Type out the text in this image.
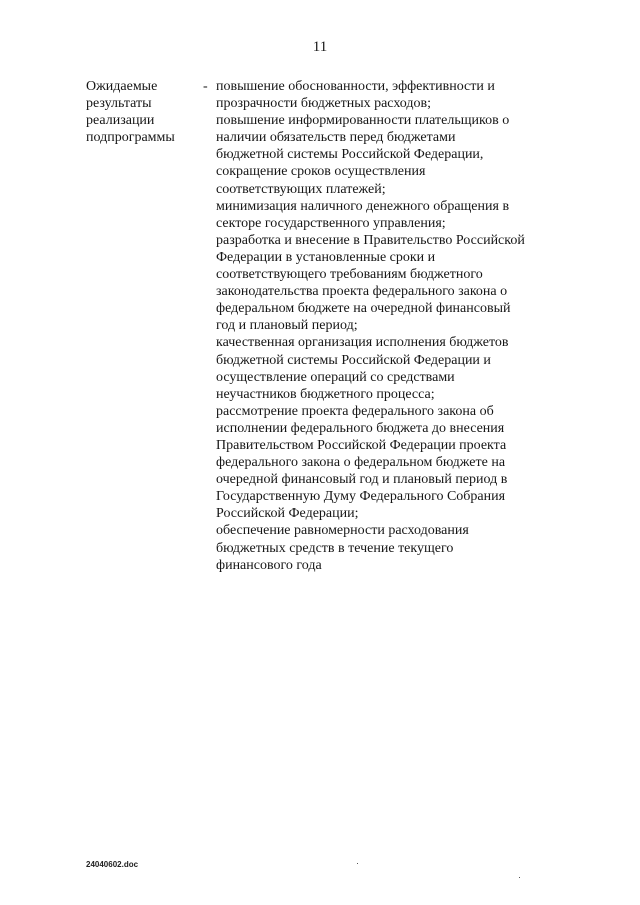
11
Ожидаемые
результаты
реализации
подпрограммы
- повышение обоснованности, эффективности и
прозрачности бюджетных расходов;
повышение информированности плательщиков о
наличии обязательств перед бюджетами
бюджетной системы Российской Федерации,
сокращение сроков осуществления
соответствующих платежей;
минимизация наличного денежного обращения в
секторе государственного управления;
разработка и внесение в Правительство Российской
Федерации в установленные сроки и
соответствующего требованиям бюджетного
законодательства проекта федерального закона о
федеральном бюджете на очередной финансовый
год и плановый период;
качественная организация исполнения бюджетов
бюджетной системы Российской Федерации и
осуществление операций со средствами
неучастников бюджетного процесса;
рассмотрение проекта федерального закона об
исполнении федерального бюджета до внесения
Правительством Российской Федерации проекта
федерального закона о федеральном бюджете на
очередной финансовый год и плановый период в
Государственную Думу Федерального Собрания
Российской Федерации;
обеспечение равномерности расходования
бюджетных средств в течение текущего
финансового года
24040602.doc
